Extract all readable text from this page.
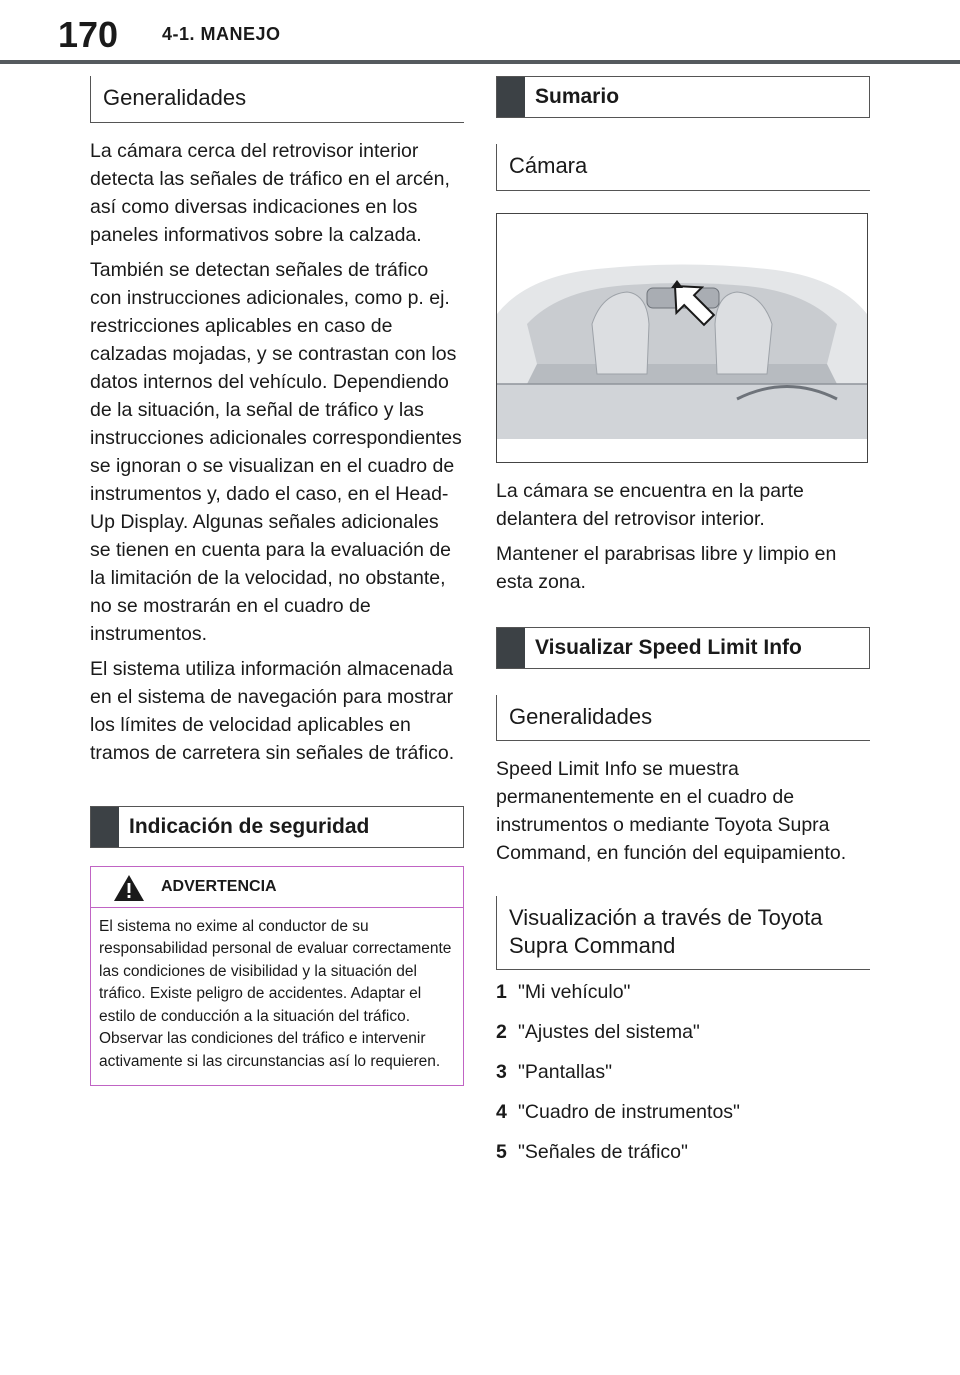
170 4-1. MANEJO
Generalidades

La cámara cerca del retrovisor interior detecta las señales de tráfico en el arcén, así como diversas indicaciones en los paneles informativos sobre la calzada.

También se detectan señales de tráfico con instrucciones adicionales, como p. ej. restricciones aplicables en caso de calzadas mojadas, y se contrastan con los datos internos del vehículo. Dependiendo de la situación, la señal de tráfico y las instrucciones adicionales correspondientes se ignoran o se visualizan en el cuadro de instrumentos y, dado el caso, en el Head-Up Display. Algunas señales adicionales se tienen en cuenta para la evaluación de la limitación de la velocidad, no obstante, no se mostrarán en el cuadro de instrumentos.

El sistema utiliza información almacenada en el sistema de navegación para mostrar los límites de velocidad aplicables en tramos de carretera sin señales de tráfico.

Indicación de seguridad
ADVERTENCIA
El sistema no exime al conductor de su responsabilidad personal de evaluar correctamente las condiciones de visibilidad y la situación del tráfico. Existe peligro de accidentes. Adaptar el estilo de conducción a la situación del tráfico. Observar las condiciones del tráfico e intervenir activamente si las circunstancias así lo requieren.
Sumario
Cámara

La cámara se encuentra en la parte delantera del retrovisor interior.

Mantener el parabrisas libre y limpio en esta zona.

Visualizar Speed Limit Info
Generalidades

Speed Limit Info se muestra permanentemente en el cuadro de instrumentos o mediante Toyota Supra Command, en función del equipamiento.

Visualización a través de Toyota Supra Command
1 "Mi vehículo"
2 "Ajustes del sistema"
3 "Pantallas"
4 "Cuadro de instrumentos"
5 "Señales de tráfico"
